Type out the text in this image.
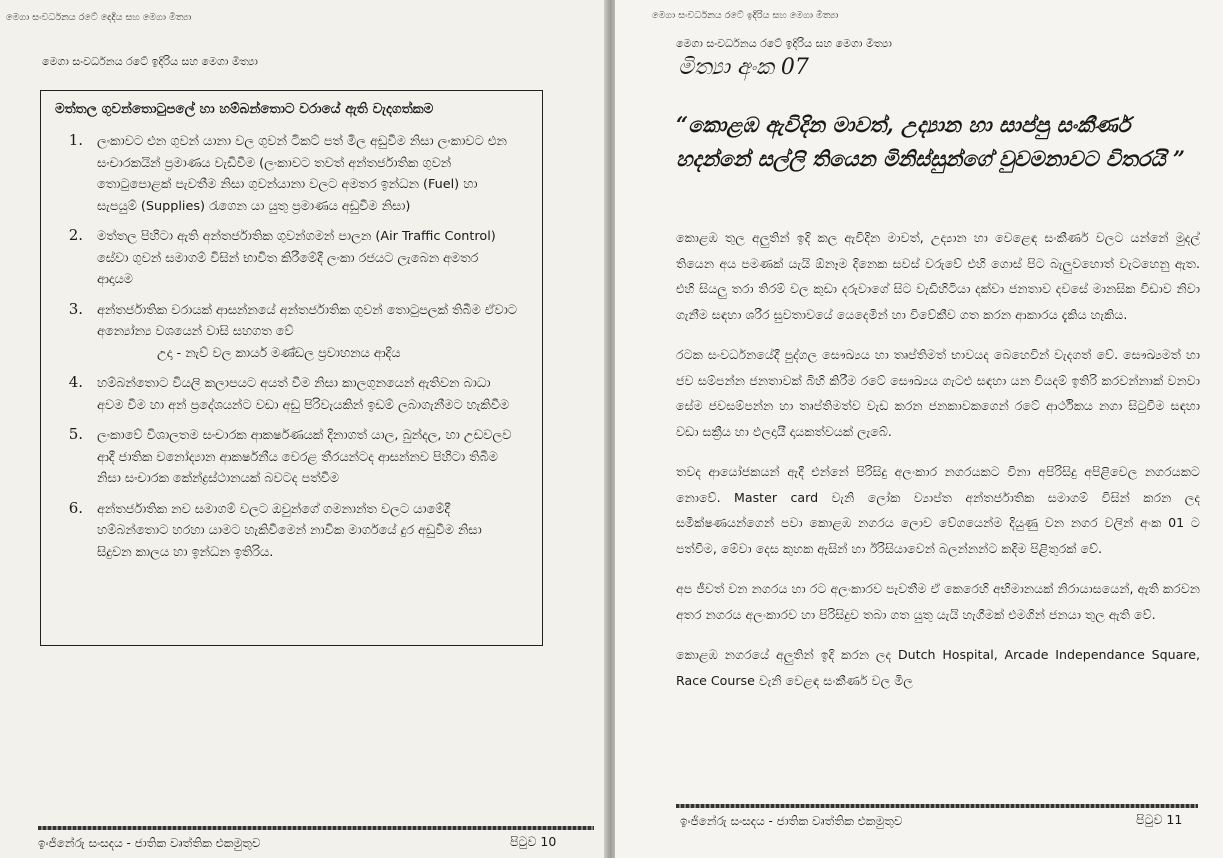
මෙගා සංවර්ධනය රටේ දෙදිය සහ මෙගා මිත්‍යා
මෙගා සංවර්ධනය රටේ ඉදිරිය සහ මෙගා මිත්‍යා
මත්තල ගුවන්තොටුපලේ හා හම්බන්තොට වරායේ ඇති වැදගත්කම
1.	ලංකාවට එන ගුවන් යානා වල ගුවන් ටිකට් පත් මිල අඩුවීම නිසා ලංකාවට එන සංචාරකයින් ප්‍රමාණය වැඩිවීම (ලංකාවට තවත් අන්තර්ජාතික ගුවන් තොටුපොළක් පැවතීම නිසා ගුවන්යානා වලට අමතර ඉන්ධන (Fuel) හා සැපයුම් (Supplies) රැගෙන යා යුතු ප්‍රමාණය අඩුවීම නිසා)
2.	මත්තල පිහිටා ඇති අන්තර්ජාතික ගුවන්ගමන් පාලන (Air Traffic Control) සේවා ගුවන් සමාගම් විසින් භාවිත කිරීමේදී ලංකා රජයට ලැබෙන අමතර ආදායම
3.	අන්තර්ජාතික වරායක් ආසන්නයේ අන්තර්ජාතික ගුවන් තොටුපලක් තිබීම ඒවාට අන්‍යෝන්‍ය වශයෙන් වාසි සහගත වේ
උදා - නැව් වල කාර්ය මණ්ඩල ප්‍රවාහනය ආදිය
4.	හම්බන්තොට වියලි කලාපයට අයත් වීම නිසා කාලගුනයෙන් ඇතිවන බාධා අවම වීම හා අන් ප්‍රදේශයන්ට වඩා අඩු පිරිවැයකින් ඉඩම් ලබාගැනීමට හැකිවීම
5.	ලංකාවේ විශාලතම සංචාරක ආකර්ෂණයක් දිනාගත් යාල, බුන්දල, හා උඩවලව ආදී ජාතික වනෝද්‍යාන ආකර්ෂනීය වෙරළ තීරයන්ටද ආසන්නව පිහිටා තිබීම නිසා සංචාරක කේන්ද්‍රස්ථානයක් බවටද පත්වීම
6.	අන්තර්ජාතික නව සමාගම් වලට ඔවුන්ගේ ගමනාන්ත වලට යාමේදී හම්බන්තොට හරහා යාමට හැකිවීමෙන් නාවික මාර්ගයේ දුර අඩුවීම නිසා සිදුවන කාලය හා ඉන්ධන ඉතිරිය.
ඉංජිනේරු සංසදය - ජාතික වෘත්තික එකමුතුව	පිටුව 10
මෙගා සංවර්ධනය රටේ ඉදිරිය සහ මෙගා මිත්‍යා
මෙගා සංවර්ධනය රටේ ඉදිරිය සහ මෙගා මිත්‍යා
මිත්‍යා අංක 07

“කොළඹ ඇවිදින මාවත්, උද්‍යාන හා සාප්පු සංකීර්ණ හදන්නේ සල්ලි තියෙන මිනිස්සුන්ගේ වුවමනාවට විතරයි ”

කොළඹ තුල අලුතින් ඉදි කල ඇවිදින මාවත්, උද්‍යාන හා වෙළෙඳ සංකීර්ණ වලට යන්නේ මුදල් තියෙන අය පමණක් යැයි ඕනෑම දිනෙක සවස් වරුවේ එහි ගොස් පිට බැලුවහොත් වැටහෙනු ඇත. එහි සියලු තරා තිරම් වල කුඩා දරුවාගේ සිට වැඩිහිටියා දක්වා ජනතාව දවසේ මානසික විඩාව නිවා ගැනීම සඳහා ශරීර සුවතාවයේ යෙදෙමින් හා විවේකීව ගත කරන ආකාරය දැකිය හැකිය.

රටක සංවර්ධනයේදී පුද්ගල සෞඛ්‍යය හා තෘප්තිමත් භාවයද බෙහෙවින් වැදගත් වේ. සෞඛ්‍යමත් හා ජව සම්පන්න ජනතාවක් බිහි කිරීම රටේ සෞඛ්‍යය ගැටළු සඳහා යන වියදම් ඉතිරි කරවන්නාක් වනවා සේම ජවසම්පන්න හා තෘප්තිමත්ව වැඩ කරන ජනකාවකගෙන් රටේ ආර්ථිකය නගා සිටුවීම සඳහා වඩා සක්‍රීය හා ඵලදායී දායකත්වයක් ලැබේ.

තවද ආයෝජකයන් ඇදී එන්නේ පිරිසිදු අලංකාර නගරයකට විනා අපිරිසිදු අපිළිවෙල නගරයකට නොවේ. Master card වැනි ලෝක ව්‍යාප්ත අන්තර්ජාතික සමාගම් විසින් කරන ලද සමීක්ෂණයන්ගෙන් පවා කොළඹ නගරය ලොව වේගයෙන්ම දියුණු වන නගර වලින් අංක 01 ට පත්වීම, මේවා දෙස කුහක ඇසින් හා ඊරිසියාවෙන් බලන්නන්ට කදිම පිළිතුරක් වේ.

අප ජීවත් වන නගරය හා රට අලංකාරව පැවතීම ඒ කෙරෙහි අභිමානයක් නිරායාසයෙන්, ඇති කරවන අතර නගරය අලංකාරව හා පිරිසිදුව තබා ගත යුතු යැයි හැගීමක් එමගින් ජනයා තුල ඇති වේ.

කොළඹ නගරයේ අලුතින් ඉදි කරන ලද Dutch Hospital, Arcade Independance Square, Race Course වැනි වෙළඳ සංකීර්ණ වල මිල

ඉංජිනේරු සංසදය - ජාතික වෘත්තික එකමුතුව	පිටුව 11
